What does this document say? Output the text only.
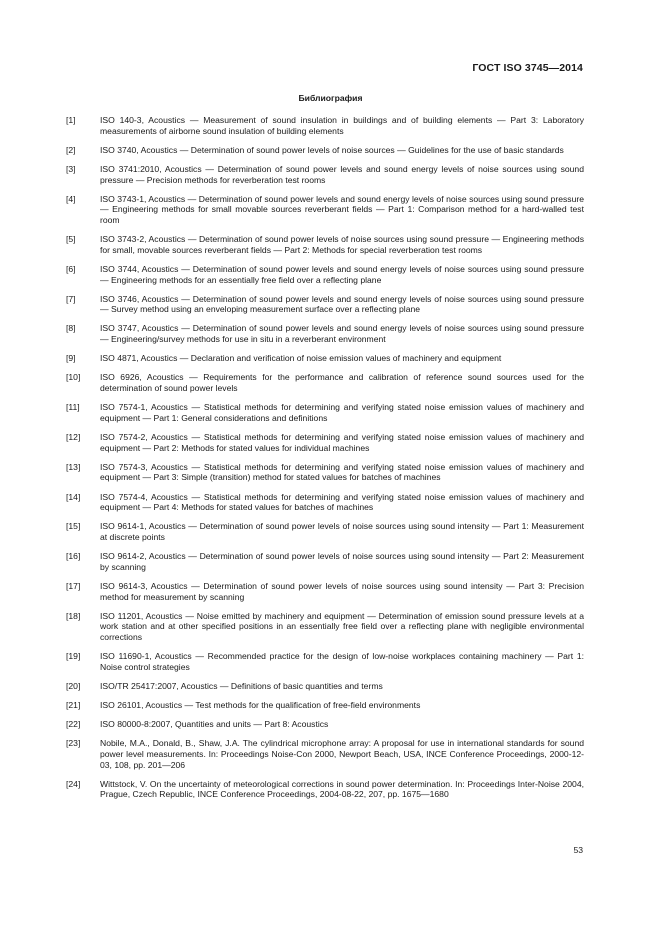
ГОСТ ISO 3745—2014
Библиография
[1]	ISO 140-3, Acoustics — Measurement of sound insulation in buildings and of building elements — Part 3: Laboratory measurements of airborne sound insulation of building elements
[2]	ISO 3740, Acoustics — Determination of sound power levels of noise sources — Guidelines for the use of basic standards
[3]	ISO 3741:2010, Acoustics — Determination of sound power levels and sound energy levels of noise sources using sound pressure — Precision methods for reverberation test rooms
[4]	ISO 3743-1, Acoustics — Determination of sound power levels and sound energy levels of noise sources using sound pressure — Engineering methods for small movable sources reverberant fields — Part 1: Comparison method for a hard-walled test room
[5]	ISO 3743-2, Acoustics — Determination of sound power levels of noise sources using sound pressure — Engineering methods for small, movable sources reverberant fields — Part 2: Methods for special reverberation test rooms
[6]	ISO 3744, Acoustics — Determination of sound power levels and sound energy levels of noise sources using sound pressure — Engineering methods for an essentially free field over a reflecting plane
[7]	ISO 3746, Acoustics — Determination of sound power levels and sound energy levels of noise sources using sound pressure — Survey method using an enveloping measurement surface over a reflecting plane
[8]	ISO 3747, Acoustics — Determination of sound power levels and sound energy levels of noise sources using sound pressure — Engineering/survey methods for use in situ in a reverberant environment
[9]	ISO 4871, Acoustics — Declaration and verification of noise emission values of machinery and equipment
[10]	ISO 6926, Acoustics — Requirements for the performance and calibration of reference sound sources used for the determination of sound power levels
[11]	ISO 7574-1, Acoustics — Statistical methods for determining and verifying stated noise emission values of machinery and equipment — Part 1: General considerations and definitions
[12]	ISO 7574-2, Acoustics — Statistical methods for determining and verifying stated noise emission values of machinery and equipment — Part 2: Methods for stated values for individual machines
[13]	ISO 7574-3, Acoustics — Statistical methods for determining and verifying stated noise emission values of machinery and equipment — Part 3: Simple (transition) method for stated values for batches of machines
[14]	ISO 7574-4, Acoustics — Statistical methods for determining and verifying stated noise emission values of machinery and equipment — Part 4: Methods for stated values for batches of machines
[15]	ISO 9614-1, Acoustics — Determination of sound power levels of noise sources using sound intensity — Part 1: Measurement at discrete points
[16]	ISO 9614-2, Acoustics — Determination of sound power levels of noise sources using sound intensity — Part 2: Measurement by scanning
[17]	ISO 9614-3, Acoustics — Determination of sound power levels of noise sources using sound intensity — Part 3: Precision method for measurement by scanning
[18]	ISO 11201, Acoustics — Noise emitted by machinery and equipment — Determination of emission sound pressure levels at a work station and at other specified positions in an essentially free field over a reflecting plane with negligible environmental corrections
[19]	ISO 11690-1, Acoustics — Recommended practice for the design of low-noise workplaces containing machinery — Part 1: Noise control strategies
[20]	ISO/TR 25417:2007, Acoustics — Definitions of basic quantities and terms
[21]	ISO 26101, Acoustics — Test methods for the qualification of free-field environments
[22]	ISO 80000-8:2007, Quantities and units — Part 8: Acoustics
[23]	Nobile, M.A., Donald, B., Shaw, J.A. The cylindrical microphone array: A proposal for use in international standards for sound power level measurements. In: Proceedings Noise-Con 2000, Newport Beach, USA, INCE Conference Proceedings, 2000-12-03, 108, pp. 201—206
[24]	Wittstock, V. On the uncertainty of meteorological corrections in sound power determination. In: Proceedings Inter-Noise 2004, Prague, Czech Republic, INCE Conference Proceedings, 2004-08-22, 207, pp. 1675—1680
53
